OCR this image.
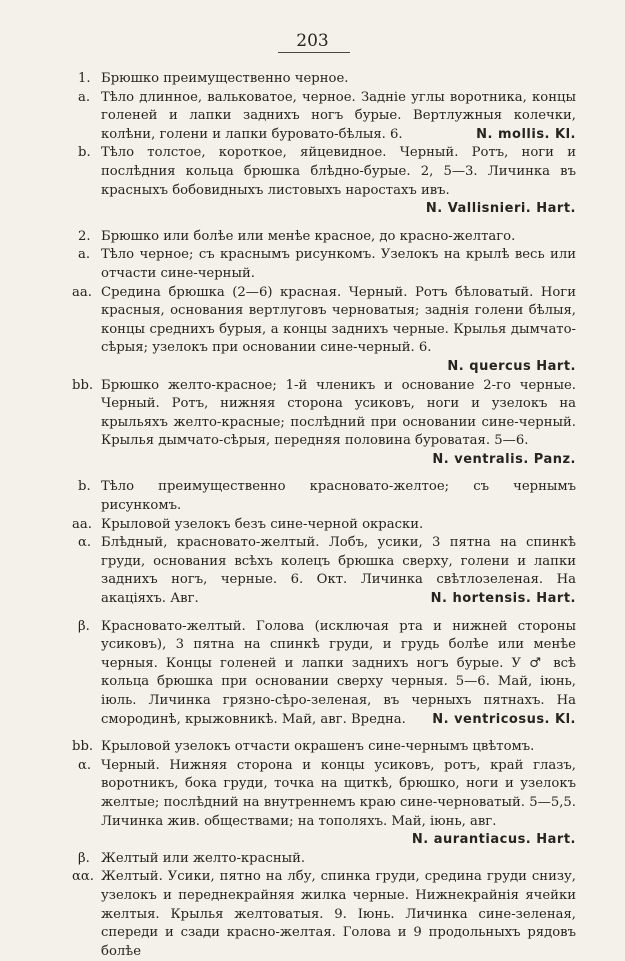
203
1. Брюшко преимущественно черное.
a. Тѣло длинное, вальковатое, черное. Заднie углы воротника, концы голеней и лапки заднихъ ногъ бурые. Вертлужныя колечки, колѣни, голени и лапки буровато-бѣлыя. 6.	N. mollis. Kl.
b. Тѣло толстое, короткое, яйцевидное. Черный. Ротъ, ноги и послѣдния кольца брюшка блѣдно-бурые. 2, 5—3. Личинка въ красныхъ бобовидныхъ листовыхъ наростахъ ивъ.
N. Vallisnieri. Hart.
2. Брюшко или болѣе или менѣе красное, до красно-желтаго.
a. Тѣло черное; съ краснымъ рисункомъ. Узелокъ на крылѣ весь или отчасти сине-черный.
aa. Средина брюшка (2—6) красная. Черный. Ротъ бѣловатый. Ноги красныя, основания вертлуговъ черноватыя; заднія голени бѣлыя, концы среднихъ бурыя, а концы заднихъ черные. Крылья дымчато-сѣрыя; узелокъ при основании сине-черный. 6.
N. quercus Hart.
bb. Брюшко желто-красное; 1-й членикъ и основание 2-го черные. Черный. Ротъ, нижняя сторона усиковъ, ноги и узелокъ на крыльяхъ желто-красные; послѣдний при основании сине-черный. Крылья дымчато-сѣрыя, передняя половина буроватая. 5—6.
N. ventralis. Panz.
b. Тѣло преимущественно красновато-желтое; съ чернымъ рисункомъ.
aa. Крыловой узелокъ безъ сине-черной окраски.
α. Блѣдный, красновато-желтый. Лобъ, усики, 3 пятна на спинкѣ груди, основания всѣхъ колецъ брюшка сверху, голени и лапки заднихъ ногъ, черные. 6. Окт. Личинка свѣтлозеленая. На акацiяхъ. Авг.	N. hortensis. Hart.
β. Красновато-желтый. Голова (исключая рта и нижней стороны усиковъ), 3 пятна на спинкѣ груди, и грудь болѣе или менѣе черныя. Концы голеней и лапки заднихъ ногъ бурые. У ♂ всѣ кольца брюшка при основании сверху черныя. 5—6. Май, iюнь, iюль. Личинка грязно-сѣро-зеленая, въ черныхъ пятнахъ. На смородинѣ, крыжовникѣ. Май, авг. Вредна. N. ventricosus. Kl.
bb. Крыловой узелокъ отчасти окрашенъ сине-чернымъ цвѣтомъ.
α. Черный. Нижняя сторона и концы усиковъ, ротъ, край глазъ, воротникъ, бока груди, точка на щиткѣ, брюшко, ноги и узелокъ желтые; послѣдний на внутреннемъ краю сине-черноватый. 5—5,5. Личинка жив. обществами; на тополяхъ. Май, iюнь, авг.
N. aurantiacus. Hart.
β. Желтый или желто-красный.
αα. Желтый. Усики, пятно на лбу, спинка груди, средина груди снизу, узелокъ и переднекрайняя жилка черные. Нижнекрайнiя ячейки желтыя. Крылья желтоватыя. 9. Iюнь. Личинка сине-зеленая, спереди и сзади красно-желтая. Голова и 9 продольныхъ рядовъ болѣе
